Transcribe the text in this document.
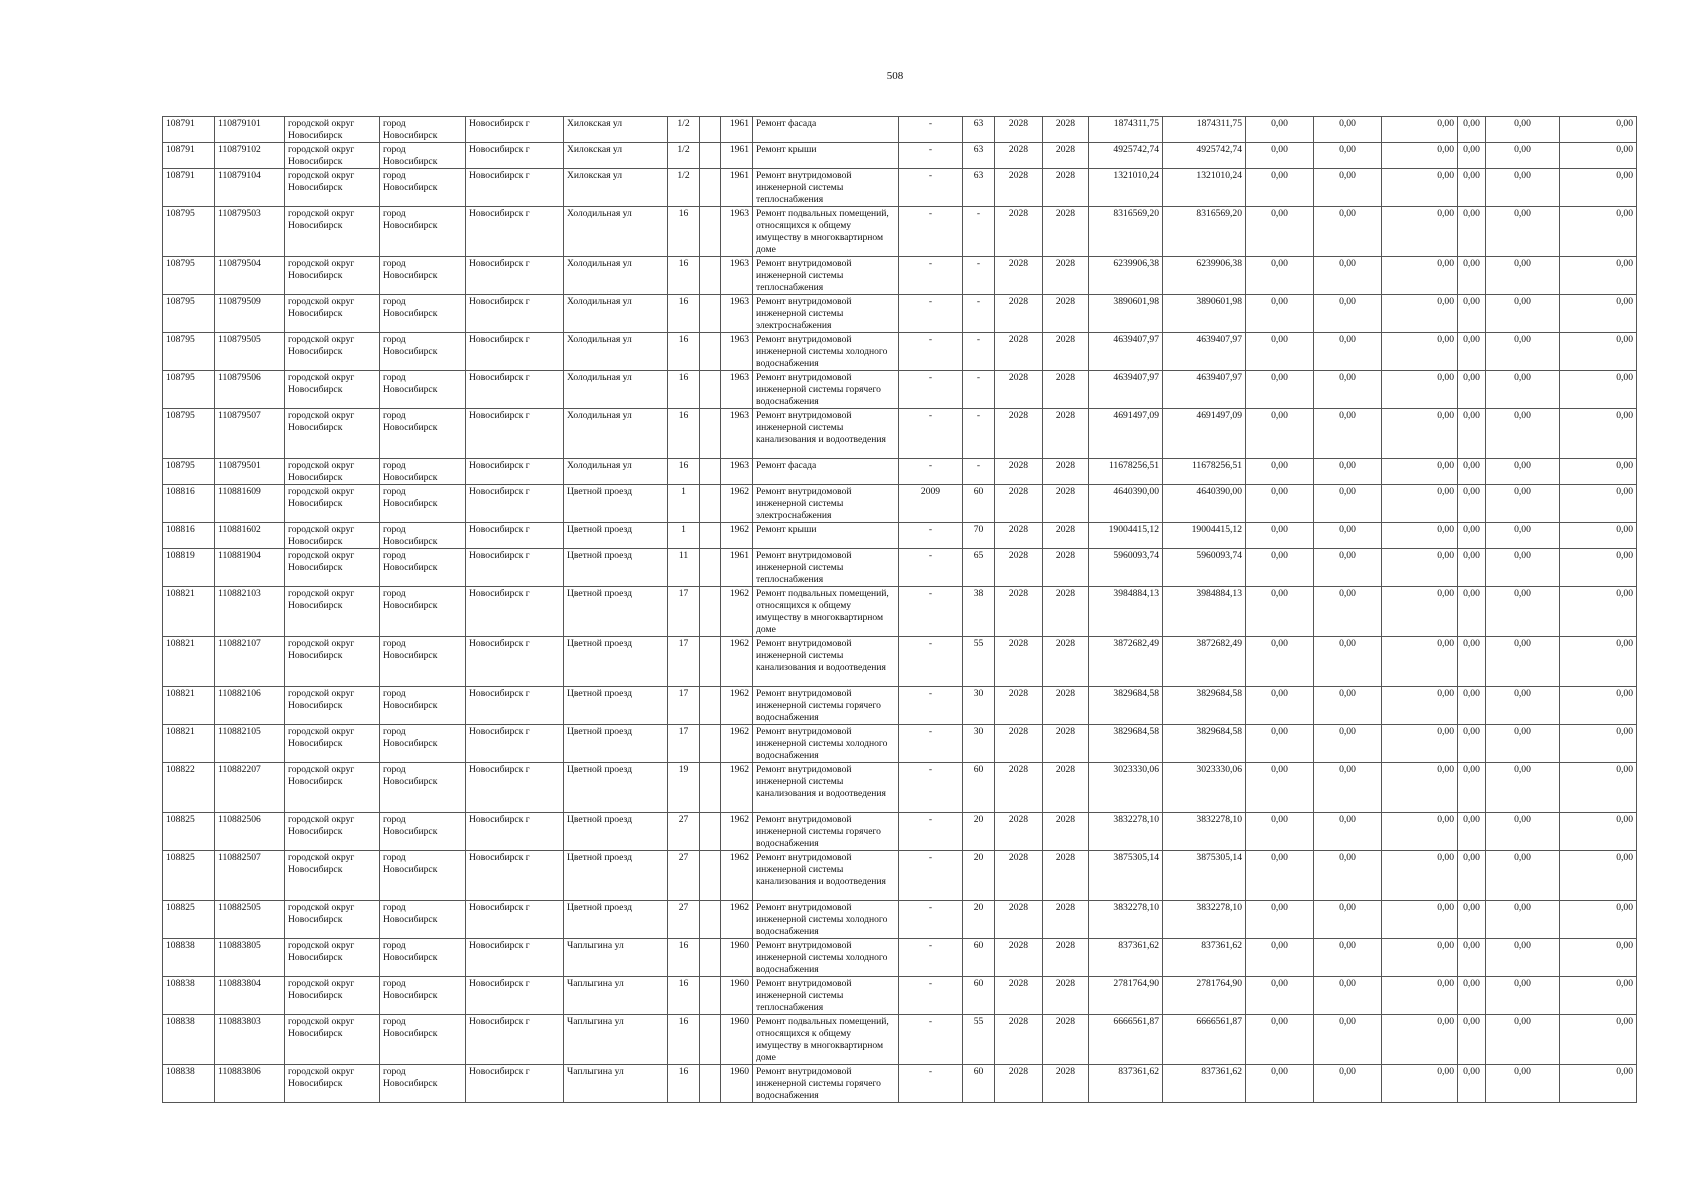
508
108791	110879101	городской округ Новосибирск	город Новосибирск	Новосибирск г	Хилокская ул	1/2		1961	Ремонт фасада	-	63	2028	2028	1874311,75	1874311,75	0,00	0,00	0,00	0,00	0,00	0,00
108791	110879102	городской округ Новосибирск	город Новосибирск	Новосибирск г	Хилокская ул	1/2		1961	Ремонт крыши	-	63	2028	2028	4925742,74	4925742,74	0,00	0,00	0,00	0,00	0,00	0,00
108791	110879104	городской округ Новосибирск	город Новосибирск	Новосибирск г	Хилокская ул	1/2		1961	Ремонт внутридомовой инженерной системы теплоснабжения	-	63	2028	2028	1321010,24	1321010,24	0,00	0,00	0,00	0,00	0,00	0,00
108795	110879503	городской округ Новосибирск	город Новосибирск	Новосибирск г	Холодильная ул	16		1963	Ремонт подвальных помещений, относящихся к общему имуществу в многоквартирном доме	-	-	2028	2028	8316569,20	8316569,20	0,00	0,00	0,00	0,00	0,00	0,00
108795	110879504	городской округ Новосибирск	город Новосибирск	Новосибирск г	Холодильная ул	16		1963	Ремонт внутридомовой инженерной системы теплоснабжения	-	-	2028	2028	6239906,38	6239906,38	0,00	0,00	0,00	0,00	0,00	0,00
108795	110879509	городской округ Новосибирск	город Новосибирск	Новосибирск г	Холодильная ул	16		1963	Ремонт внутридомовой инженерной системы электроснабжения	-	-	2028	2028	3890601,98	3890601,98	0,00	0,00	0,00	0,00	0,00	0,00
108795	110879505	городской округ Новосибирск	город Новосибирск	Новосибирск г	Холодильная ул	16		1963	Ремонт внутридомовой инженерной системы холодного водоснабжения	-	-	2028	2028	4639407,97	4639407,97	0,00	0,00	0,00	0,00	0,00	0,00
108795	110879506	городской округ Новосибирск	город Новосибирск	Новосибирск г	Холодильная ул	16		1963	Ремонт внутридомовой инженерной системы горячего водоснабжения	-	-	2028	2028	4639407,97	4639407,97	0,00	0,00	0,00	0,00	0,00	0,00
108795	110879507	городской округ Новосибирск	город Новосибирск	Новосибирск г	Холодильная ул	16		1963	Ремонт внутридомовой инженерной системы канализования и водоотведения	-	-	2028	2028	4691497,09	4691497,09	0,00	0,00	0,00	0,00	0,00	0,00
108795	110879501	городской округ Новосибирск	город Новосибирск	Новосибирск г	Холодильная ул	16		1963	Ремонт фасада	-	-	2028	2028	11678256,51	11678256,51	0,00	0,00	0,00	0,00	0,00	0,00
108816	110881609	городской округ Новосибирск	город Новосибирск	Новосибирск г	Цветной проезд	1		1962	Ремонт внутридомовой инженерной системы электроснабжения	2009	60	2028	2028	4640390,00	4640390,00	0,00	0,00	0,00	0,00	0,00	0,00
108816	110881602	городской округ Новосибирск	город Новосибирск	Новосибирск г	Цветной проезд	1		1962	Ремонт крыши	-	70	2028	2028	19004415,12	19004415,12	0,00	0,00	0,00	0,00	0,00	0,00
108819	110881904	городской округ Новосибирск	город Новосибирск	Новосибирск г	Цветной проезд	11		1961	Ремонт внутридомовой инженерной системы теплоснабжения	-	65	2028	2028	5960093,74	5960093,74	0,00	0,00	0,00	0,00	0,00	0,00
108821	110882103	городской округ Новосибирск	город Новосибирск	Новосибирск г	Цветной проезд	17		1962	Ремонт подвальных помещений, относящихся к общему имуществу в многоквартирном доме	-	38	2028	2028	3984884,13	3984884,13	0,00	0,00	0,00	0,00	0,00	0,00
108821	110882107	городской округ Новосибирск	город Новосибирск	Новосибирск г	Цветной проезд	17		1962	Ремонт внутридомовой инженерной системы канализования и водоотведения	-	55	2028	2028	3872682,49	3872682,49	0,00	0,00	0,00	0,00	0,00	0,00
108821	110882106	городской округ Новосибирск	город Новосибирск	Новосибирск г	Цветной проезд	17		1962	Ремонт внутридомовой инженерной системы горячего водоснабжения	-	30	2028	2028	3829684,58	3829684,58	0,00	0,00	0,00	0,00	0,00	0,00
108821	110882105	городской округ Новосибирск	город Новосибирск	Новосибирск г	Цветной проезд	17		1962	Ремонт внутридомовой инженерной системы холодного водоснабжения	-	30	2028	2028	3829684,58	3829684,58	0,00	0,00	0,00	0,00	0,00	0,00
108822	110882207	городской округ Новосибирск	город Новосибирск	Новосибирск г	Цветной проезд	19		1962	Ремонт внутридомовой инженерной системы канализования и водоотведения	-	60	2028	2028	3023330,06	3023330,06	0,00	0,00	0,00	0,00	0,00	0,00
108825	110882506	городской округ Новосибирск	город Новосибирск	Новосибирск г	Цветной проезд	27		1962	Ремонт внутридомовой инженерной системы горячего водоснабжения	-	20	2028	2028	3832278,10	3832278,10	0,00	0,00	0,00	0,00	0,00	0,00
108825	110882507	городской округ Новосибирск	город Новосибирск	Новосибирск г	Цветной проезд	27		1962	Ремонт внутридомовой инженерной системы канализования и водоотведения	-	20	2028	2028	3875305,14	3875305,14	0,00	0,00	0,00	0,00	0,00	0,00
108825	110882505	городской округ Новосибирск	город Новосибирск	Новосибирск г	Цветной проезд	27		1962	Ремонт внутридомовой инженерной системы холодного водоснабжения	-	20	2028	2028	3832278,10	3832278,10	0,00	0,00	0,00	0,00	0,00	0,00
108838	110883805	городской округ Новосибирск	город Новосибирск	Новосибирск г	Чаплыгина ул	16		1960	Ремонт внутридомовой инженерной системы холодного водоснабжения	-	60	2028	2028	837361,62	837361,62	0,00	0,00	0,00	0,00	0,00	0,00
108838	110883804	городской округ Новосибирск	город Новосибирск	Новосибирск г	Чаплыгина ул	16		1960	Ремонт внутридомовой инженерной системы теплоснабжения	-	60	2028	2028	2781764,90	2781764,90	0,00	0,00	0,00	0,00	0,00	0,00
108838	110883803	городской округ Новосибирск	город Новосибирск	Новосибирск г	Чаплыгина ул	16		1960	Ремонт подвальных помещений, относящихся к общему имуществу в многоквартирном доме	-	55	2028	2028	6666561,87	6666561,87	0,00	0,00	0,00	0,00	0,00	0,00
108838	110883806	городской округ Новосибирск	город Новосибирск	Новосибирск г	Чаплыгина ул	16		1960	Ремонт внутридомовой инженерной системы горячего водоснабжения	-	60	2028	2028	837361,62	837361,62	0,00	0,00	0,00	0,00	0,00	0,00
